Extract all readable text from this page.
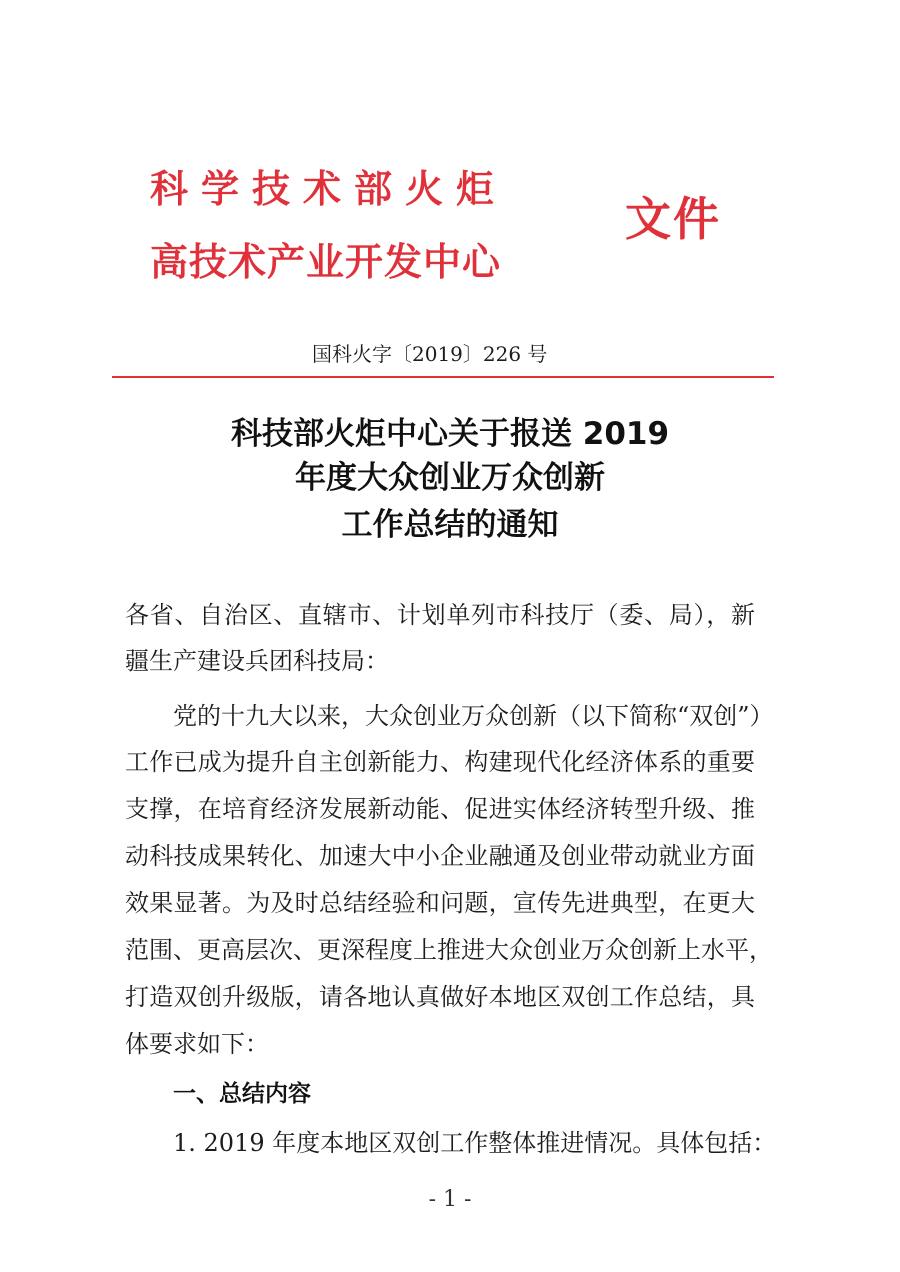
科学技术部火炬
高技术产业开发中心
文件
国科火字〔2019〕226 号
科技部火炬中心关于报送 2019
年度大众创业万众创新
工作总结的通知
各省、自治区、直辖市、计划单列市科技厅（委、局），新
疆生产建设兵团科技局：
党的十九大以来，大众创业万众创新（以下简称“双创”）
工作已成为提升自主创新能力、构建现代化经济体系的重要
支撑，在培育经济发展新动能、促进实体经济转型升级、推
动科技成果转化、加速大中小企业融通及创业带动就业方面
效果显著。为及时总结经验和问题，宣传先进典型，在更大
范围、更高层次、更深程度上推进大众创业万众创新上水平，
打造双创升级版，请各地认真做好本地区双创工作总结，具
体要求如下：
一、总结内容
1. 2019 年度本地区双创工作整体推进情况。具体包括：
- 1 -
